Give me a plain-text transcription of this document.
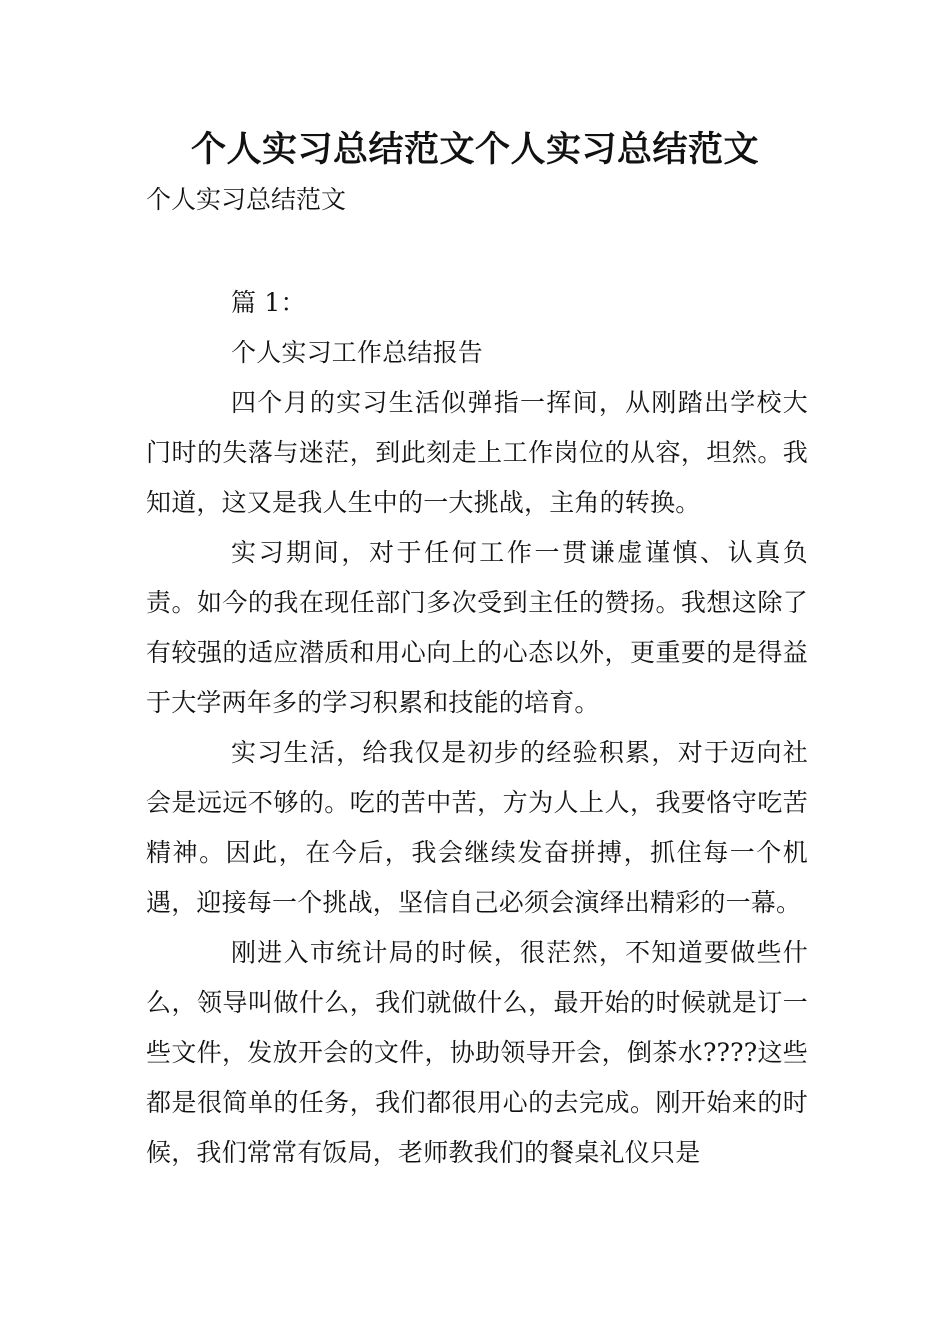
个人实习总结范文个人实习总结范文
个人实习总结范文

篇 1：

个人实习工作总结报告

四个月的实习生活似弹指一挥间，从刚踏出学校大门时的失落与迷茫，到此刻走上工作岗位的从容，坦然。我知道，这又是我人生中的一大挑战，主角的转换。

实习期间，对于任何工作一贯谦虚谨慎、认真负责。如今的我在现任部门多次受到主任的赞扬。我想这除了有较强的适应潜质和用心向上的心态以外，更重要的是得益于大学两年多的学习积累和技能的培育。

实习生活，给我仅是初步的经验积累，对于迈向社会是远远不够的。吃的苦中苦，方为人上人，我要恪守吃苦精神。因此，在今后，我会继续发奋拼搏，抓住每一个机遇，迎接每一个挑战，坚信自己必须会演绎出精彩的一幕。

刚进入市统计局的时候，很茫然，不知道要做些什么，领导叫做什么，我们就做什么，最开始的时候就是订一些文件，发放开会的文件，协助领导开会，倒茶水????这些都是很简单的任务，我们都很用心的去完成。刚开始来的时候，我们常常有饭局，老师教我们的餐桌礼仪只是
